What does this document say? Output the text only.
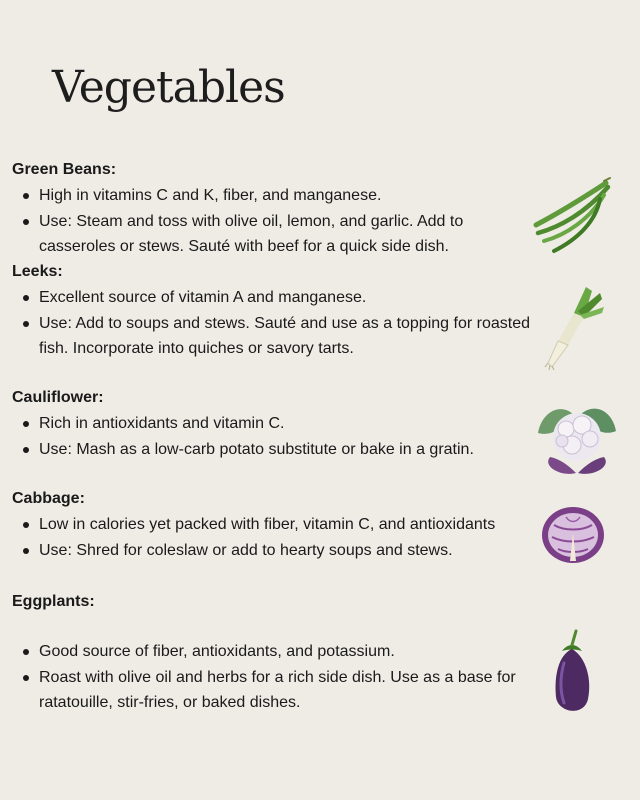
Vegetables

Green Beans:

High in vitamins C and K, fiber, and manganese.
Use: Steam and toss with olive oil, lemon, and garlic. Add to casseroles or stews. Sauté with beef for a quick side dish.

Leeks:

Excellent source of vitamin A and manganese.
Use: Add to soups and stews. Sauté and use as a topping for roasted fish. Incorporate into quiches or savory tarts.

Cauliflower:

Rich in antioxidants and vitamin C.
Use: Mash as a low-carb potato substitute or bake in a gratin.

Cabbage:

Low in calories yet packed with fiber, vitamin C, and antioxidants
Use: Shred for coleslaw or add to hearty soups and stews.

Eggplants:

Good source of fiber, antioxidants, and potassium.
Roast with olive oil and herbs for a rich side dish. Use as a base for ratatouille, stir-fries, or baked dishes.
